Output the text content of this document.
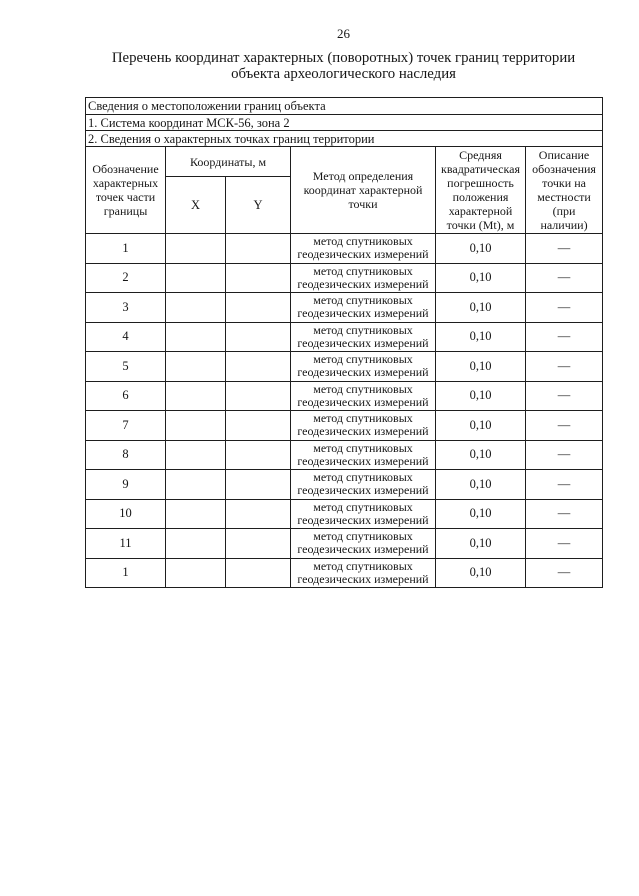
26
Перечень координат характерных (поворотных) точек границ территории
объекта археологического наследия
Сведения о местоположении границ объекта					
1. Система координат МСК-56, зона 2					
2. Сведения о характерных точках границ территории					
Обозначение характерных точек части границы	Координаты, м		Метод определения координат характерной точки	Средняя квадратическая погрешность положения характерной точки (Mt), м	Описание обозначения точки на местности (при наличии)
	X	Y			
1			метод спутниковых геодезических измерений	0,10	—
2			метод спутниковых геодезических измерений	0,10	—
3			метод спутниковых геодезических измерений	0,10	—
4			метод спутниковых геодезических измерений	0,10	—
5			метод спутниковых геодезических измерений	0,10	—
6			метод спутниковых геодезических измерений	0,10	—
7			метод спутниковых геодезических измерений	0,10	—
8			метод спутниковых геодезических измерений	0,10	—
9			метод спутниковых геодезических измерений	0,10	—
10			метод спутниковых геодезических измерений	0,10	—
11			метод спутниковых геодезических измерений	0,10	—
1			метод спутниковых геодезических измерений	0,10	—
